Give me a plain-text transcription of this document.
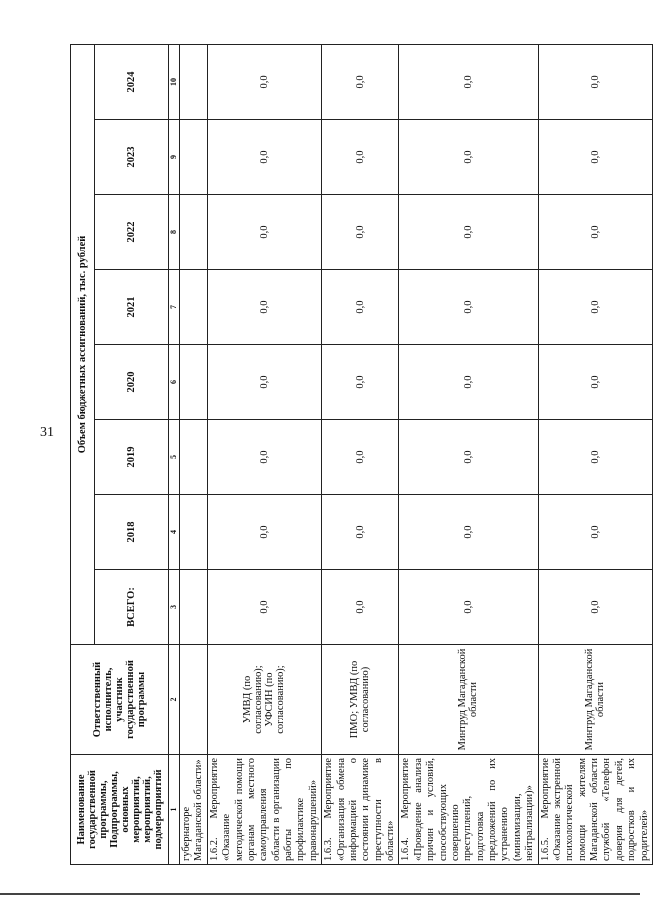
31
Наименование государственной программы, Подпрограммы, основных мероприятий, мероприятий, подмероприятий	Ответственный исполнитель, участник государственной программы	Объем бюджетных ассигнований, тыс. рублей							
		ВСЕГО:	2018	2019	2020	2021	2022	2023	2024
1	2	3	4	5	6	7	8	9	10
губернаторе Магаданской области»									
1.6.2. Мероприятие «Оказание методической помощи органам местного самоуправления области в организации работы по профилактике правонарушений»	УМВД (по согласованию); УФСИН (по согласованию);	0,0	0,0	0,0	0,0	0,0	0,0	0,0	0,0
1.6.3. Мероприятие «Организация обмена информацией о состоянии и динамике преступности в области»	ПМО; УМВД (по согласованию)	0,0	0,0	0,0	0,0	0,0	0,0	0,0	0,0
1.6.4. Мероприятие «Проведение анализа причин и условий, способствующих совершению преступлений, подготовка предложений по их устранению (минимизации, нейтрализации)»	Минтруд Магаданской области	0,0	0,0	0,0	0,0	0,0	0,0	0,0	0,0
1.6.5. Мероприятие «Оказание экстренной психологической помощи жителям Магаданской области службой «Телефон доверия для детей, подростков и их родителей»	Минтруд Магаданской области	0,0	0,0	0,0	0,0	0,0	0,0	0,0	0,0
